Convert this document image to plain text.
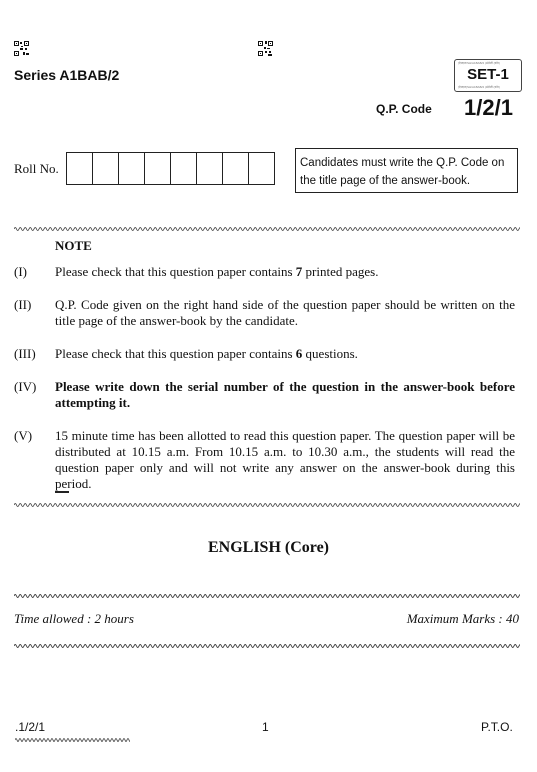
Series A1BAB/2
|ऐसएल/SH/A1BAB/2 |अंग्रेजी (कोर)
SET-1
|ऐसएल|SH/A1BAB/2 |अंग्रेजी (कोर)
Q.P. Code 1/2/1
Roll No.	Candidates must write the Q.P. Code on the title page of the answer-book.
NOTE
(I) Please check that this question paper contains 7 printed pages.
(II) Q.P. Code given on the right hand side of the question paper should be written on the title page of the answer-book by the candidate.
(III) Please check that this question paper contains 6 questions.
(IV) Please write down the serial number of the question in the answer-book before attempting it.
(V) 15 minute time has been allotted to read this question paper. The question paper will be distributed at 10.15 a.m. From 10.15 a.m. to 10.30 a.m., the students will read the question paper only and will not write any answer on the answer-book during this period.
ENGLISH (Core)
Time allowed : 2 hours	Maximum Marks : 40
.1/2/1	1	P.T.O.
